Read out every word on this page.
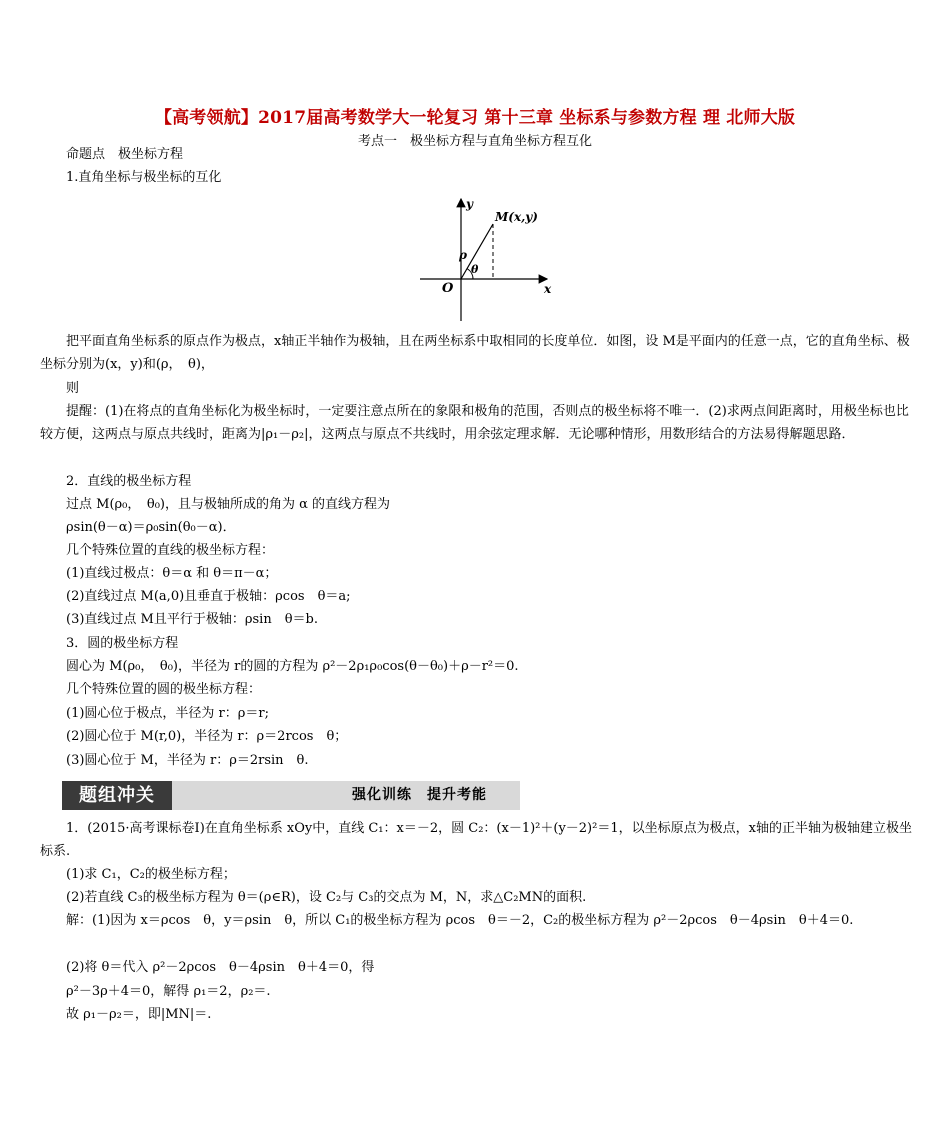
【高考领航】2017届高考数学大一轮复习 第十三章 坐标系与参数方程 理 北师大版
考点一　极坐标方程与直角坐标方程互化
命题点　极坐标方程
1.直角坐标与极坐标的互化
y
x
O
M(x,y)
ρ
θ
把平面直角坐标系的原点作为极点，x轴正半轴作为极轴，且在两坐标系中取相同的长度单位．如图，设 M是平面内的任意一点，它的直角坐标、极坐标分别为(x，y)和(ρ，　θ)，
则
提醒：(1)在将点的直角坐标化为极坐标时，一定要注意点所在的象限和极角的范围，否则点的极坐标将不唯一．(2)求两点间距离时，用极坐标也比较方便，这两点与原点共线时，距离为|ρ₁－ρ₂|，这两点与原点不共线时，用余弦定理求解．无论哪种情形，用数形结合的方法易得解题思路．
2．直线的极坐标方程
过点 M(ρ₀，　θ₀)，且与极轴所成的角为 α 的直线方程为
ρsin(θ－α)＝ρ₀sin(θ₀－α)．
几个特殊位置的直线的极坐标方程：
(1)直线过极点：θ＝α 和 θ＝π－α；
(2)直线过点 M(a,0)且垂直于极轴：ρcos　θ＝a;
(3)直线过点 M且平行于极轴：ρsin　θ＝b.
3．圆的极坐标方程
圆心为 M(ρ₀，　θ₀)，半径为 r的圆的方程为 ρ²－2ρ₁ρ₀cos(θ－θ₀)＋ρ－r²＝0.
几个特殊位置的圆的极坐标方程：
(1)圆心位于极点，半径为 r：ρ＝r;
(2)圆心位于 M(r,0)，半径为 r：ρ＝2rcos　θ；
(3)圆心位于 M，半径为 r：ρ＝2rsin　θ.
题组冲关	强化训练　提升考能
1．(2015·高考课标卷Ⅰ)在直角坐标系 xOy中，直线 C₁：x＝－2，圆 C₂：(x－1)²＋(y－2)²＝1，以坐标原点为极点，x轴的正半轴为极轴建立极坐标系.
(1)求 C₁，C₂的极坐标方程；
(2)若直线 C₃的极坐标方程为 θ＝(ρ∈R)，设 C₂与 C₃的交点为 M，N，求△C₂MN的面积.
解：(1)因为 x＝ρcos　θ，y＝ρsin　θ，所以 C₁的极坐标方程为 ρcos　θ＝－2，C₂的极坐标方程为 ρ²－2ρcos　θ－4ρsin　θ＋4＝0.
(2)将 θ＝代入 ρ²－2ρcos　θ－4ρsin　θ＋4＝0，得
ρ²－3ρ＋4＝0，解得 ρ₁＝2，ρ₂＝.
故 ρ₁－ρ₂＝，即|MN|＝.
